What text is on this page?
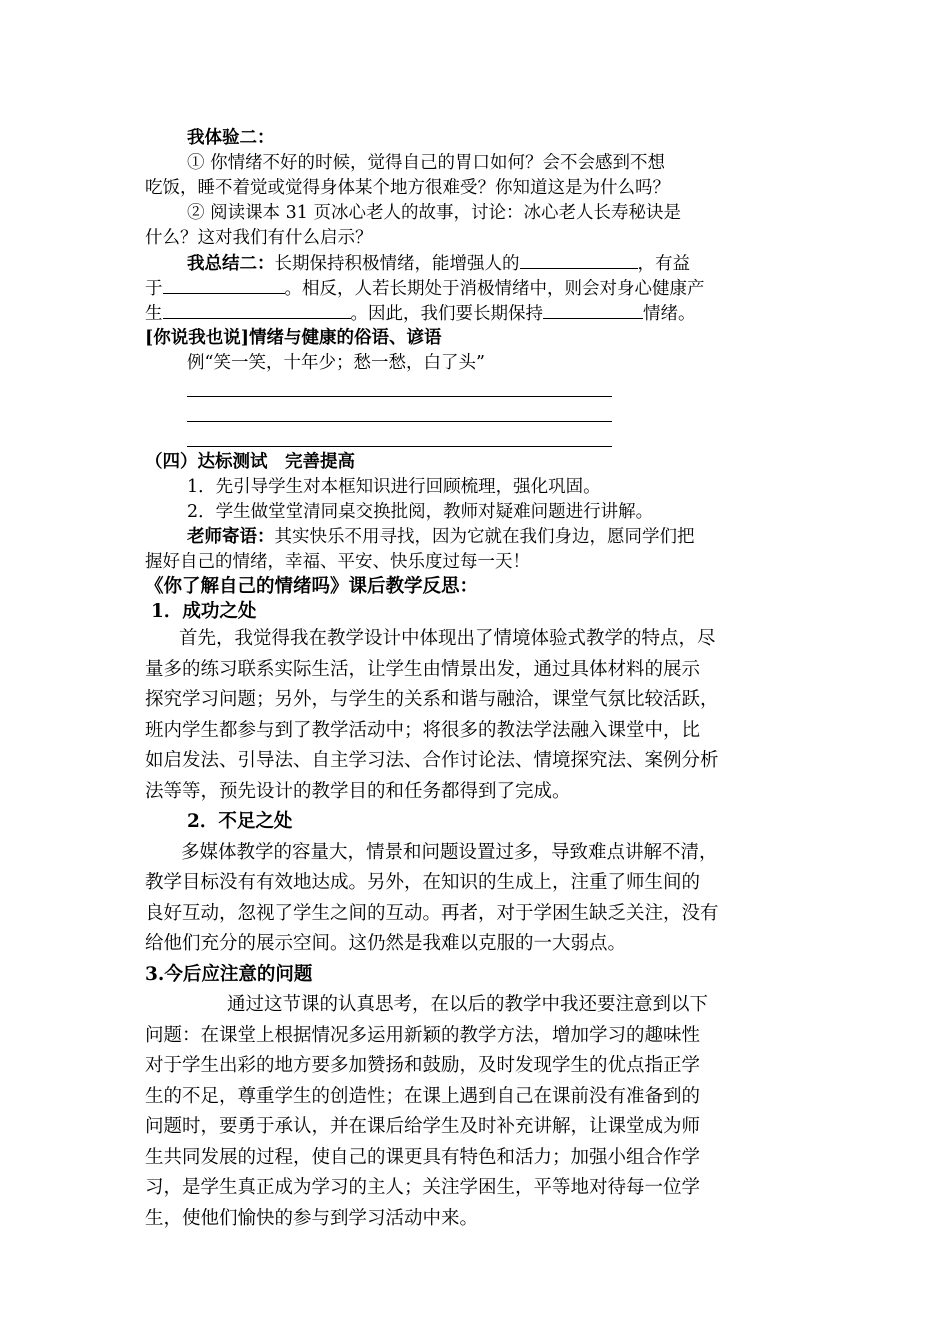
我体验二：
① 你情绪不好的时候，觉得自己的胃口如何？会不会感到不想
吃饭，睡不着觉或觉得身体某个地方很难受？你知道这是为什么吗？
② 阅读课本 31 页冰心老人的故事，讨论：冰心老人长寿秘诀是
什么？这对我们有什么启示？
我总结二：长期保持积极情绪，能增强人的	，有益
于	。相反，人若长期处于消极情绪中，则会对身心健康产
生	。因此，我们要长期保持	情绪。
[你说我也说]情绪与健康的俗语、谚语
例“笑一笑，十年少；愁一愁，白了头”
（四）达标测试　完善提高
1．先引导学生对本框知识进行回顾梳理，强化巩固。
2．学生做堂堂清同桌交换批阅，教师对疑难问题进行讲解。
老师寄语：其实快乐不用寻找，因为它就在我们身边，愿同学们把
握好自己的情绪，幸福、平安、快乐度过每一天！
《你了解自己的情绪吗》课后教学反思：
1．成功之处
首先，我觉得我在教学设计中体现出了情境体验式教学的特点，尽
量多的练习联系实际生活，让学生由情景出发，通过具体材料的展示
探究学习问题；另外，与学生的关系和谐与融洽，课堂气氛比较活跃，
班内学生都参与到了教学活动中；将很多的教法学法融入课堂中，比
如启发法、引导法、自主学习法、合作讨论法、情境探究法、案例分析
法等等，预先设计的教学目的和任务都得到了完成。
2．不足之处
多媒体教学的容量大，情景和问题设置过多，导致难点讲解不清，
教学目标没有有效地达成。另外，在知识的生成上，注重了师生间的
良好互动，忽视了学生之间的互动。再者，对于学困生缺乏关注，没有
给他们充分的展示空间。这仍然是我难以克服的一大弱点。
3.今后应注意的问题
通过这节课的认真思考，在以后的教学中我还要注意到以下
问题：在课堂上根据情况多运用新颖的教学方法，增加学习的趣味性
对于学生出彩的地方要多加赞扬和鼓励，及时发现学生的优点指正学
生的不足，尊重学生的创造性；在课上遇到自己在课前没有准备到的
问题时，要勇于承认，并在课后给学生及时补充讲解，让课堂成为师
生共同发展的过程，使自己的课更具有特色和活力；加强小组合作学
习，是学生真正成为学习的主人；关注学困生，平等地对待每一位学
生，使他们愉快的参与到学习活动中来。
